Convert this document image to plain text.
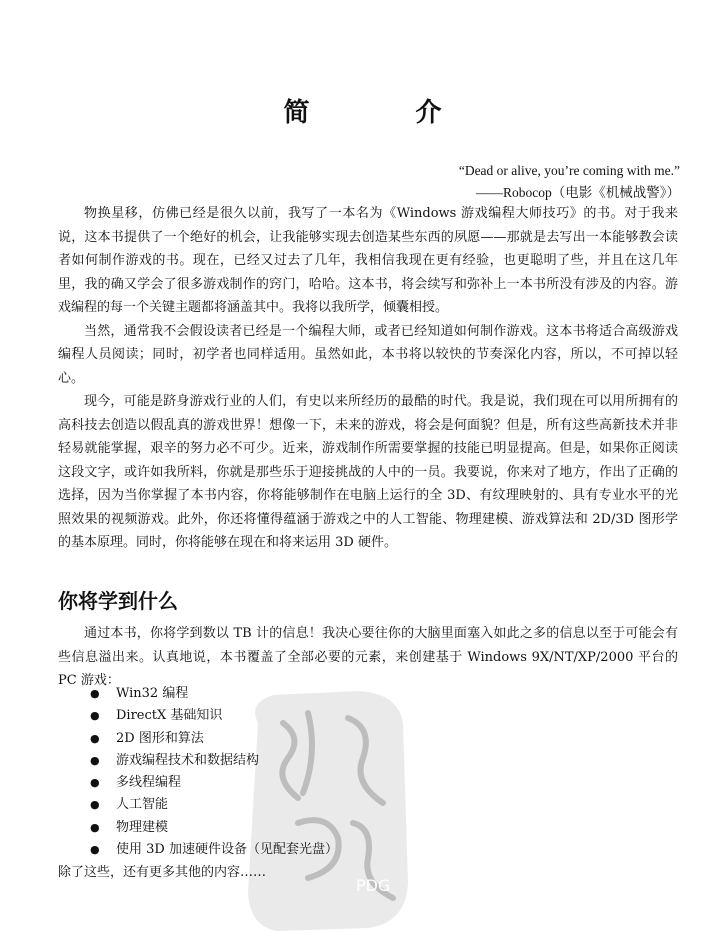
简　介
“Dead or alive, you’re coming with me.”
——Robocop（电影《机械战警》）

物换星移，仿佛已经是很久以前，我写了一本名为《Windows 游戏编程大师技巧》的书。对于我来说，这本书提供了一个绝好的机会，让我能够实现去创造某些东西的夙愿——那就是去写出一本能够教会读者如何制作游戏的书。现在，已经又过去了几年，我相信我现在更有经验，也更聪明了些，并且在这几年里，我的确又学会了很多游戏制作的窍门，哈哈。这本书，将会续写和弥补上一本书所没有涉及的内容。游戏编程的每一个关键主题都将涵盖其中。我将以我所学，倾囊相授。

当然，通常我不会假设读者已经是一个编程大师，或者已经知道如何制作游戏。这本书将适合高级游戏编程人员阅读；同时，初学者也同样适用。虽然如此，本书将以较快的节奏深化内容，所以，不可掉以轻心。

现今，可能是跻身游戏行业的人们，有史以来所经历的最酷的时代。我是说，我们现在可以用所拥有的高科技去创造以假乱真的游戏世界！想像一下，未来的游戏，将会是何面貌？但是，所有这些高新技术并非轻易就能掌握，艰辛的努力必不可少。近来，游戏制作所需要掌握的技能已明显提高。但是，如果你正阅读这段文字，或许如我所料，你就是那些乐于迎接挑战的人中的一员。我要说，你来对了地方，作出了正确的选择，因为当你掌握了本书内容，你将能够制作在电脑上运行的全 3D、有纹理映射的、具有专业水平的光照效果的视频游戏。此外，你还将懂得蕴涵于游戏之中的人工智能、物理建模、游戏算法和 2D/3D 图形学的基本原理。同时，你将能够在现在和将来运用 3D 硬件。

你将学到什么

通过本书，你将学到数以 TB 计的信息！我决心要往你的大脑里面塞入如此之多的信息以至于可能会有些信息溢出来。认真地说，本书覆盖了全部必要的元素，来创建基于 Windows 9X/NT/XP/2000 平台的 PC 游戏：

PDG
● Win32 编程
● DirectX 基础知识
● 2D 图形和算法
● 游戏编程技术和数据结构
● 多线程编程
● 人工智能
● 物理建模
● 使用 3D 加速硬件设备（见配套光盘）
除了这些，还有更多其他的内容……
